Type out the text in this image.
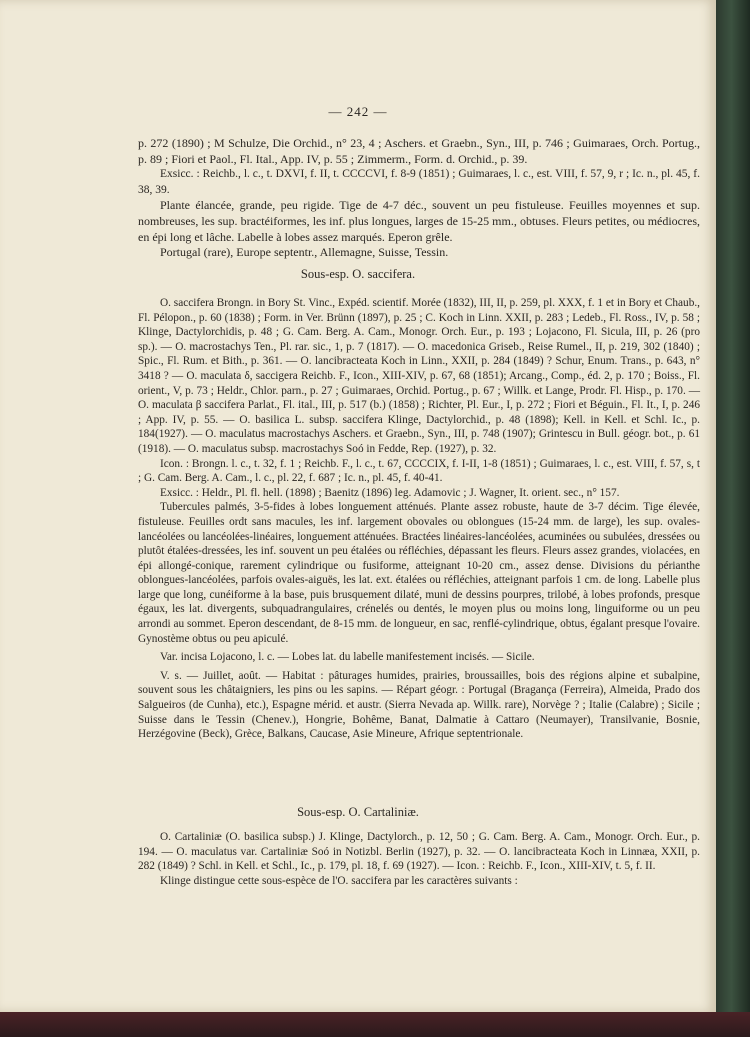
— 242 —

p. 272 (1890) ; M Schulze, Die Orchid., n° 23, 4 ; Aschers. et Graebn., Syn., III, p. 746 ; Guimaraes, Orch. Portug., p. 89 ; Fiori et Paol., Fl. Ital., App. IV, p. 55 ; Zimmerm., Form. d. Orchid., p. 39.

Exsicc. : Reichb., l. c., t. DXVI, f. II, t. CCCCVI, f. 8-9 (1851) ; Guimaraes, l. c., est. VIII, f. 57, 9, r ; Ic. n., pl. 45, f. 38, 39.

Plante élancée, grande, peu rigide. Tige de 4-7 déc., souvent un peu fistuleuse. Feuilles moyennes et sup. nombreuses, les sup. bractéiformes, les inf. plus longues, larges de 15-25 mm., obtuses. Fleurs petites, ou médiocres, en épi long et lâche. Labelle à lobes assez marqués. Eperon grêle.

Portugal (rare), Europe septentr., Allemagne, Suisse, Tessin.

Sous-esp. O. saccifera.

O. saccifera Brongn. in Bory St. Vinc., Expéd. scientif. Morée (1832), III, II, p. 259, pl. XXX, f. 1 et in Bory et Chaub., Fl. Pélopon., p. 60 (1838) ; Form. in Ver. Brünn (1897), p. 25 ; C. Koch in Linn. XXII, p. 283 ; Ledeb., Fl. Ross., IV, p. 58 ; Klinge, Dactylorchidis, p. 48 ; G. Cam. Berg. A. Cam., Monogr. Orch. Eur., p. 193 ; Lojacono, Fl. Sicula, III, p. 26 (pro sp.). — O. macrostachys Ten., Pl. rar. sic., 1, p. 7 (1817). — O. macedonica Griseb., Reise Rumel., II, p. 219, 302 (1840) ; Spic., Fl. Rum. et Bith., p. 361. — O. lancibracteata Koch in Linn., XXII, p. 284 (1849) ? Schur, Enum. Trans., p. 643, n° 3418 ? — O. maculata δ, saccigera Reichb. F., Icon., XIII-XIV, p. 67, 68 (1851); Arcang., Comp., éd. 2, p. 170 ; Boiss., Fl. orient., V, p. 73 ; Heldr., Chlor. parn., p. 27 ; Guimaraes, Orchid. Portug., p. 67 ; Willk. et Lange, Prodr. Fl. Hisp., p. 170. — O. maculata β saccifera Parlat., Fl. ital., III, p. 517 (b.) (1858) ; Richter, Pl. Eur., I, p. 272 ; Fiori et Béguin., Fl. It., I, p. 246 ; App. IV, p. 55. — O. basilica L. subsp. saccifera Klinge, Dactylorchid., p. 48 (1898); Kell. in Kell. et Schl. Ic., p. 184(1927). — O. maculatus macrostachys Aschers. et Graebn., Syn., III, p. 748 (1907); Grintescu in Bull. géogr. bot., p. 61 (1918). — O. maculatus subsp. macrostachys Soó in Fedde, Rep. (1927), p. 32.

Icon. : Brongn. l. c., t. 32, f. 1 ; Reichb. F., l. c., t. 67, CCCCIX, f. I-II, 1-8 (1851) ; Guimaraes, l. c., est. VIII, f. 57, s, t ; G. Cam. Berg. A. Cam., l. c., pl. 22, f. 687 ; Ic. n., pl. 45, f. 40-41.

Exsicc. : Heldr., Pl. fl. hell. (1898) ; Baenitz (1896) leg. Adamovic ; J. Wagner, It. orient. sec., n° 157.

Tubercules palmés, 3-5-fides à lobes longuement atténués. Plante assez robuste, haute de 3-7 décim. Tige élevée, fistuleuse. Feuilles ordt sans macules, les inf. largement obovales ou oblongues (15-24 mm. de large), les sup. ovales-lancéolées ou lancéolées-linéaires, longuement atténuées. Bractées linéaires-lancéolées, acuminées ou subulées, dressées ou plutôt étalées-dressées, les inf. souvent un peu étalées ou réfléchies, dépassant les fleurs. Fleurs assez grandes, violacées, en épi allongé-conique, rarement cylindrique ou fusiforme, atteignant 10-20 cm., assez dense. Divisions du périanthe oblongues-lancéolées, parfois ovales-aiguës, les lat. ext. étalées ou réfléchies, atteignant parfois 1 cm. de long. Labelle plus large que long, cunéiforme à la base, puis brusquement dilaté, muni de dessins pourpres, trilobé, à lobes profonds, presque égaux, les lat. divergents, subquadrangulaires, crénelés ou dentés, le moyen plus ou moins long, linguiforme ou un peu arrondi au sommet. Eperon descendant, de 8-15 mm. de longueur, en sac, renflé-cylindrique, obtus, égalant presque l'ovaire. Gynostème obtus ou peu apiculé.

Var. incisa Lojacono, l. c. — Lobes lat. du labelle manifestement incisés. — Sicile.

V. s. — Juillet, août. — Habitat : pâturages humides, prairies, broussailles, bois des régions alpine et subalpine, souvent sous les châtaigniers, les pins ou les sapins. — Répart géogr. : Portugal (Bragança (Ferreira), Almeida, Prado dos Salgueiros (de Cunha), etc.), Espagne mérid. et austr. (Sierra Nevada ap. Willk. rare), Norvège ? ; Italie (Calabre) ; Sicile ; Suisse dans le Tessin (Chenev.), Hongrie, Bohême, Banat, Dalmatie à Cattaro (Neumayer), Transilvanie, Bosnie, Herzégovine (Beck), Grèce, Balkans, Caucase, Asie Mineure, Afrique septentrionale.

Sous-esp. O. Cartaliniæ.

O. Cartaliniæ (O. basilica subsp.) J. Klinge, Dactylorch., p. 12, 50 ; G. Cam. Berg. A. Cam., Monogr. Orch. Eur., p. 194. — O. maculatus var. Cartaliniæ Soó in Notizbl. Berlin (1927), p. 32. — O. lancibracteata Koch in Linnæa, XXII, p. 282 (1849) ? Schl. in Kell. et Schl., Ic., p. 179, pl. 18, f. 69 (1927). — Icon. : Reichb. F., Icon., XIII-XIV, t. 5, f. II.

Klinge distingue cette sous-espèce de l'O. saccifera par les caractères suivants :
